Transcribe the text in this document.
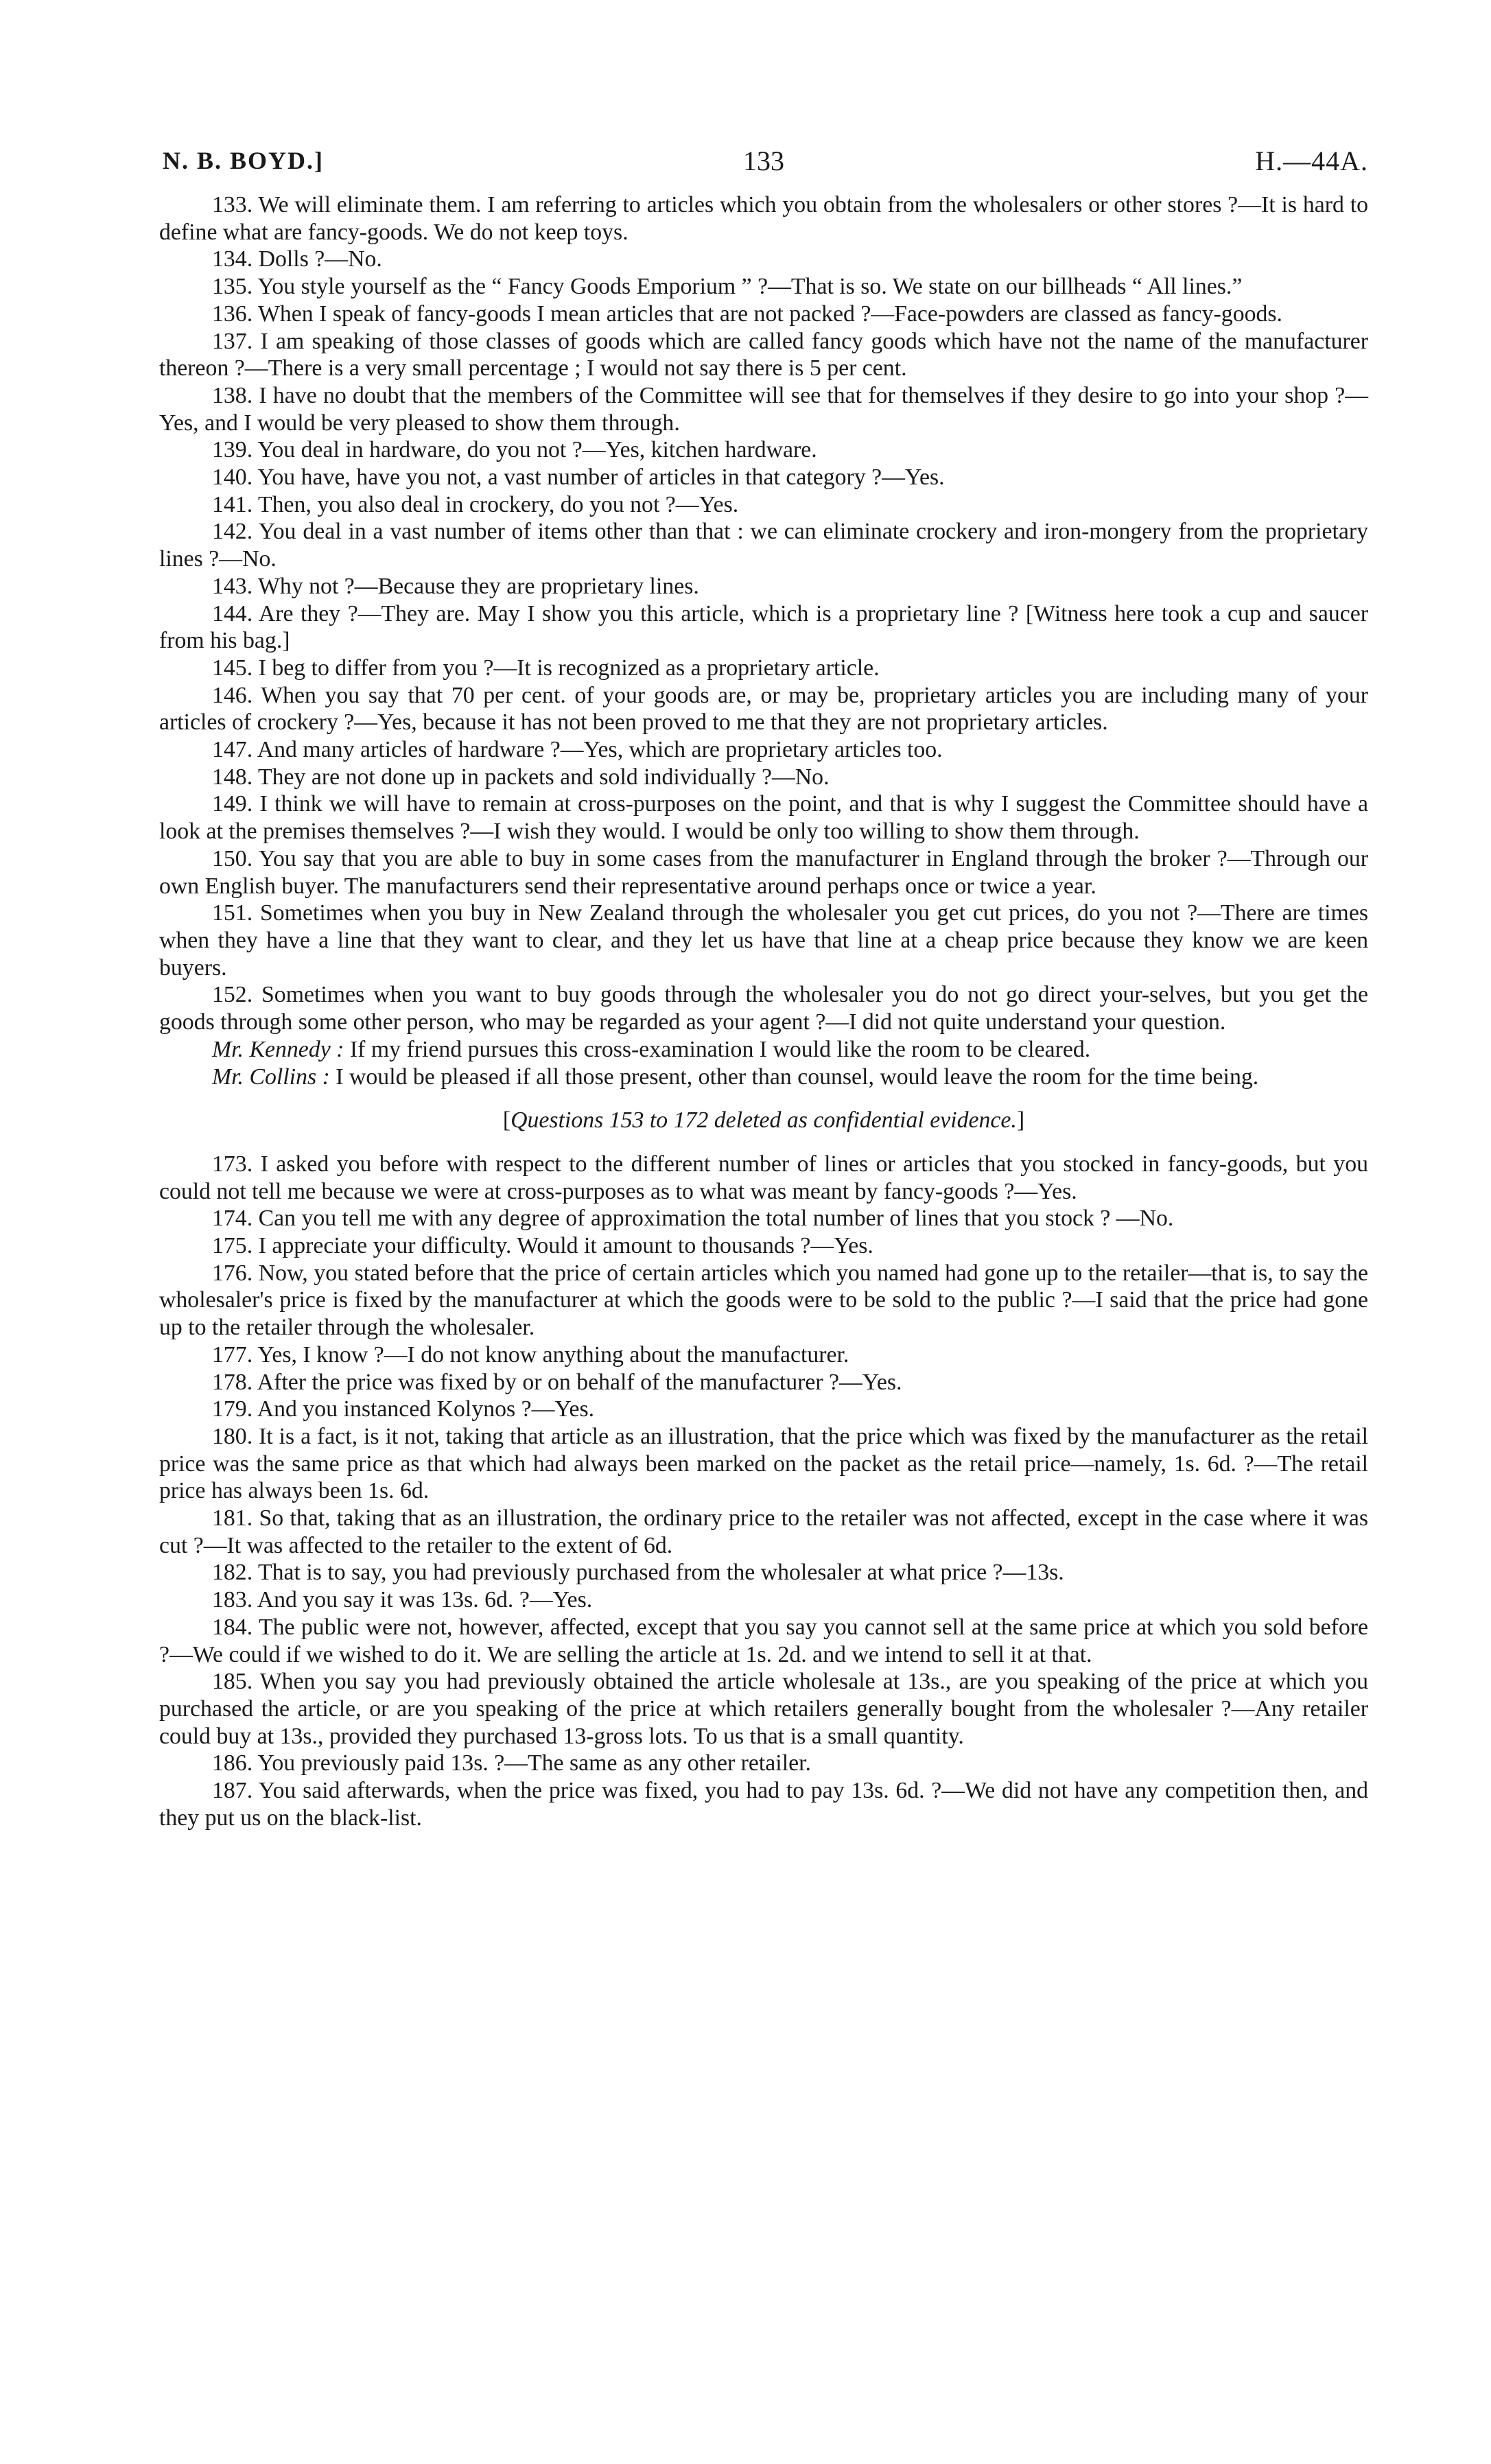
N. B. BOYD.]	133	H.—44A.

133. We will eliminate them. I am referring to articles which you obtain from the wholesalers or other stores ?—It is hard to define what are fancy-goods. We do not keep toys.

134. Dolls ?—No.

135. You style yourself as the “ Fancy Goods Emporium ” ?—That is so. We state on our billheads “ All lines.”

136. When I speak of fancy-goods I mean articles that are not packed ?—Face-powders are classed as fancy-goods.

137. I am speaking of those classes of goods which are called fancy goods which have not the name of the manufacturer thereon ?—There is a very small percentage ; I would not say there is 5 per cent.

138. I have no doubt that the members of the Committee will see that for themselves if they desire to go into your shop ?—Yes, and I would be very pleased to show them through.

139. You deal in hardware, do you not ?—Yes, kitchen hardware.

140. You have, have you not, a vast number of articles in that category ?—Yes.

141. Then, you also deal in crockery, do you not ?—Yes.

142. You deal in a vast number of items other than that : we can eliminate crockery and iron-mongery from the proprietary lines ?—No.

143. Why not ?—Because they are proprietary lines.

144. Are they ?—They are. May I show you this article, which is a proprietary line ? [Witness here took a cup and saucer from his bag.]

145. I beg to differ from you ?—It is recognized as a proprietary article.

146. When you say that 70 per cent. of your goods are, or may be, proprietary articles you are including many of your articles of crockery ?—Yes, because it has not been proved to me that they are not proprietary articles.

147. And many articles of hardware ?—Yes, which are proprietary articles too.

148. They are not done up in packets and sold individually ?—No.

149. I think we will have to remain at cross-purposes on the point, and that is why I suggest the Committee should have a look at the premises themselves ?—I wish they would. I would be only too willing to show them through.

150. You say that you are able to buy in some cases from the manufacturer in England through the broker ?—Through our own English buyer. The manufacturers send their representative around perhaps once or twice a year.

151. Sometimes when you buy in New Zealand through the wholesaler you get cut prices, do you not ?—There are times when they have a line that they want to clear, and they let us have that line at a cheap price because they know we are keen buyers.

152. Sometimes when you want to buy goods through the wholesaler you do not go direct your-selves, but you get the goods through some other person, who may be regarded as your agent ?—I did not quite understand your question.

Mr. Kennedy : If my friend pursues this cross-examination I would like the room to be cleared.

Mr. Collins : I would be pleased if all those present, other than counsel, would leave the room for the time being.

[Questions 153 to 172 deleted as confidential evidence.]

173. I asked you before with respect to the different number of lines or articles that you stocked in fancy-goods, but you could not tell me because we were at cross-purposes as to what was meant by fancy-goods ?—Yes.

174. Can you tell me with any degree of approximation the total number of lines that you stock ? —No.

175. I appreciate your difficulty. Would it amount to thousands ?—Yes.

176. Now, you stated before that the price of certain articles which you named had gone up to the retailer—that is, to say the wholesaler's price is fixed by the manufacturer at which the goods were to be sold to the public ?—I said that the price had gone up to the retailer through the wholesaler.

177. Yes, I know ?—I do not know anything about the manufacturer.

178. After the price was fixed by or on behalf of the manufacturer ?—Yes.

179. And you instanced Kolynos ?—Yes.

180. It is a fact, is it not, taking that article as an illustration, that the price which was fixed by the manufacturer as the retail price was the same price as that which had always been marked on the packet as the retail price—namely, 1s. 6d. ?—The retail price has always been 1s. 6d.

181. So that, taking that as an illustration, the ordinary price to the retailer was not affected, except in the case where it was cut ?—It was affected to the retailer to the extent of 6d.

182. That is to say, you had previously purchased from the wholesaler at what price ?—13s.

183. And you say it was 13s. 6d. ?—Yes.

184. The public were not, however, affected, except that you say you cannot sell at the same price at which you sold before ?—We could if we wished to do it. We are selling the article at 1s. 2d. and we intend to sell it at that.

185. When you say you had previously obtained the article wholesale at 13s., are you speaking of the price at which you purchased the article, or are you speaking of the price at which retailers generally bought from the wholesaler ?—Any retailer could buy at 13s., provided they purchased 13-gross lots. To us that is a small quantity.

186. You previously paid 13s. ?—The same as any other retailer.

187. You said afterwards, when the price was fixed, you had to pay 13s. 6d. ?—We did not have any competition then, and they put us on the black-list.
